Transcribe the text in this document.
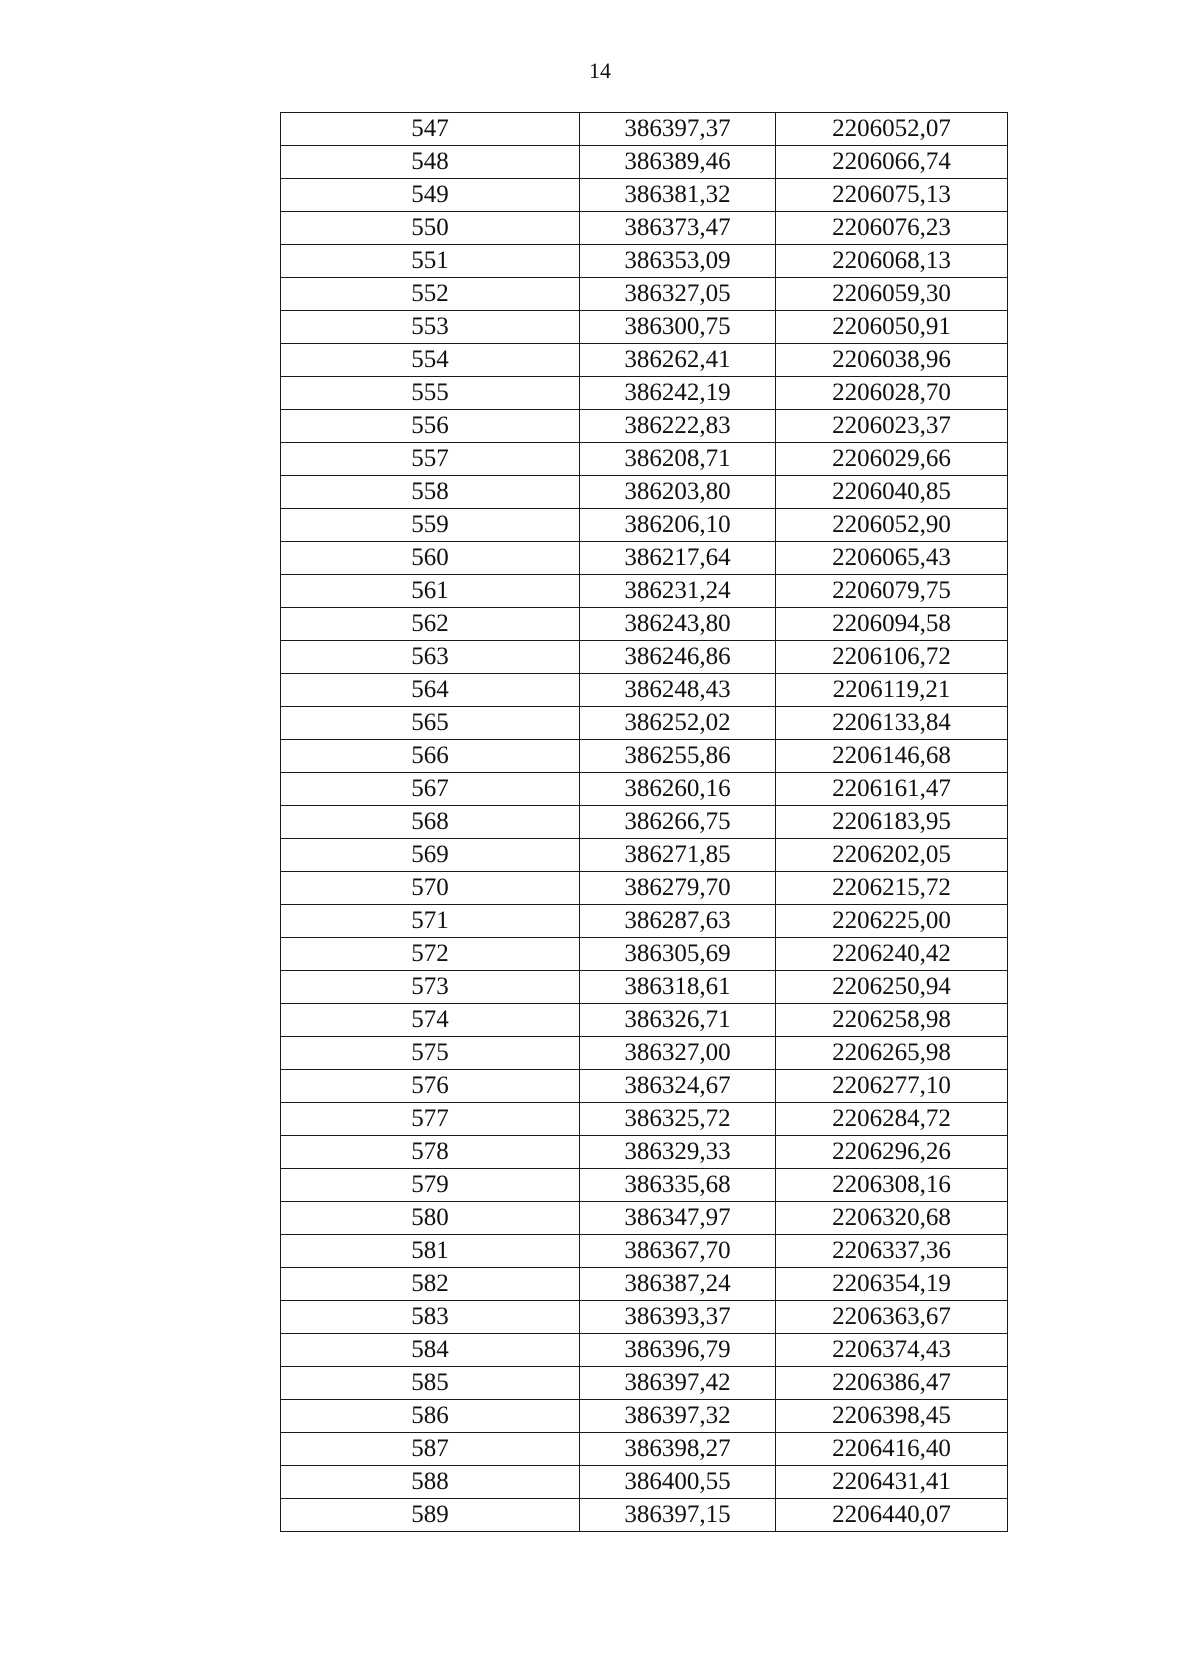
14
547	386397,37	2206052,07
548	386389,46	2206066,74
549	386381,32	2206075,13
550	386373,47	2206076,23
551	386353,09	2206068,13
552	386327,05	2206059,30
553	386300,75	2206050,91
554	386262,41	2206038,96
555	386242,19	2206028,70
556	386222,83	2206023,37
557	386208,71	2206029,66
558	386203,80	2206040,85
559	386206,10	2206052,90
560	386217,64	2206065,43
561	386231,24	2206079,75
562	386243,80	2206094,58
563	386246,86	2206106,72
564	386248,43	2206119,21
565	386252,02	2206133,84
566	386255,86	2206146,68
567	386260,16	2206161,47
568	386266,75	2206183,95
569	386271,85	2206202,05
570	386279,70	2206215,72
571	386287,63	2206225,00
572	386305,69	2206240,42
573	386318,61	2206250,94
574	386326,71	2206258,98
575	386327,00	2206265,98
576	386324,67	2206277,10
577	386325,72	2206284,72
578	386329,33	2206296,26
579	386335,68	2206308,16
580	386347,97	2206320,68
581	386367,70	2206337,36
582	386387,24	2206354,19
583	386393,37	2206363,67
584	386396,79	2206374,43
585	386397,42	2206386,47
586	386397,32	2206398,45
587	386398,27	2206416,40
588	386400,55	2206431,41
589	386397,15	2206440,07
